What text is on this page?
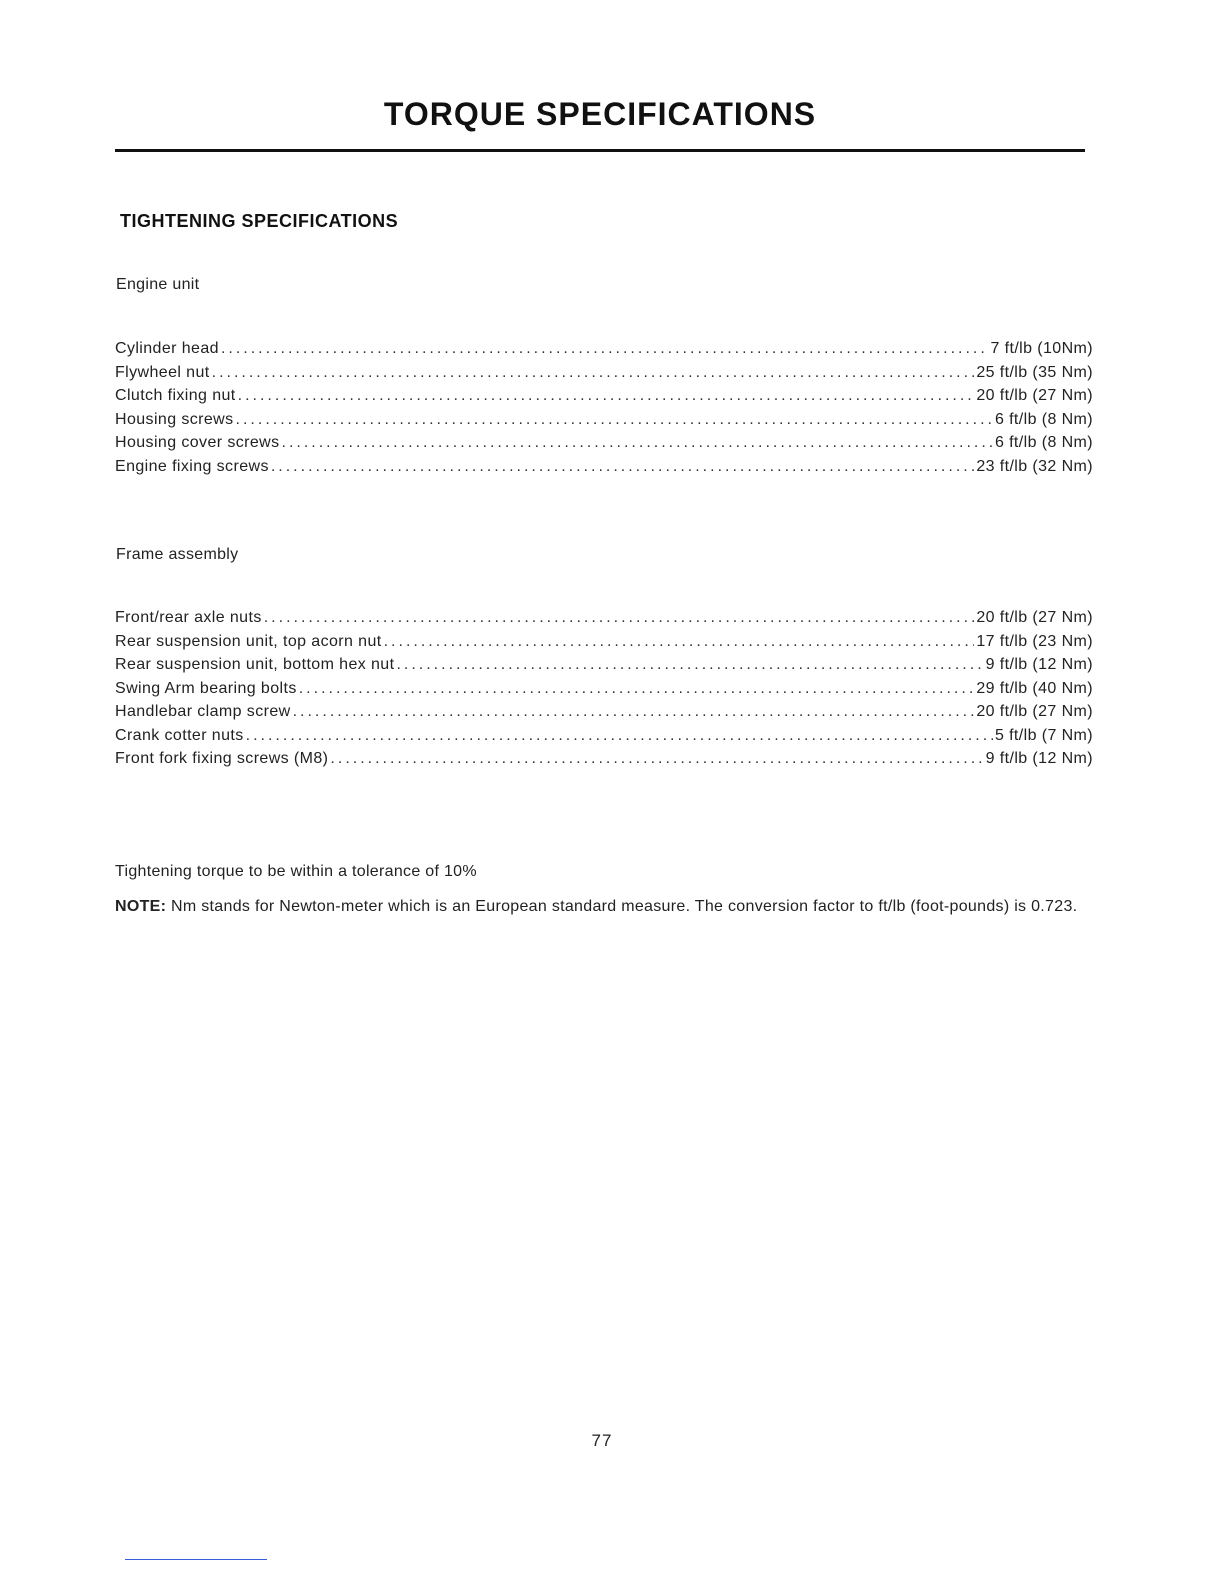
TORQUE SPECIFICATIONS
TIGHTENING SPECIFICATIONS
Engine unit
Cylinder head .....	7 ft/lb (10Nm)
Flywheel nut .....	25 ft/lb (35 Nm)
Clutch fixing nut .....	20 ft/lb (27 Nm)
Housing screws .....	6 ft/lb (8 Nm)
Housing cover screws .....	6 ft/lb (8 Nm)
Engine fixing screws .....	23 ft/lb (32 Nm)
Frame assembly
Front/rear axle nuts .....	20 ft/lb (27 Nm)
Rear suspension unit, top acorn nut .....	17 ft/lb (23 Nm)
Rear suspension unit, bottom hex nut .....	9 ft/lb (12 Nm)
Swing Arm bearing bolts .....	29 ft/lb (40 Nm)
Handlebar clamp screw .....	20 ft/lb (27 Nm)
Crank cotter nuts .....	5 ft/lb (7 Nm)
Front fork fixing screws (M8) .....	9 ft/lb (12 Nm)
Tightening torque to be within a tolerance of 10%
NOTE: Nm stands for Newton-meter which is an European standard measure. The conversion factor to ft/lb (foot-pounds) is 0.723.
77
